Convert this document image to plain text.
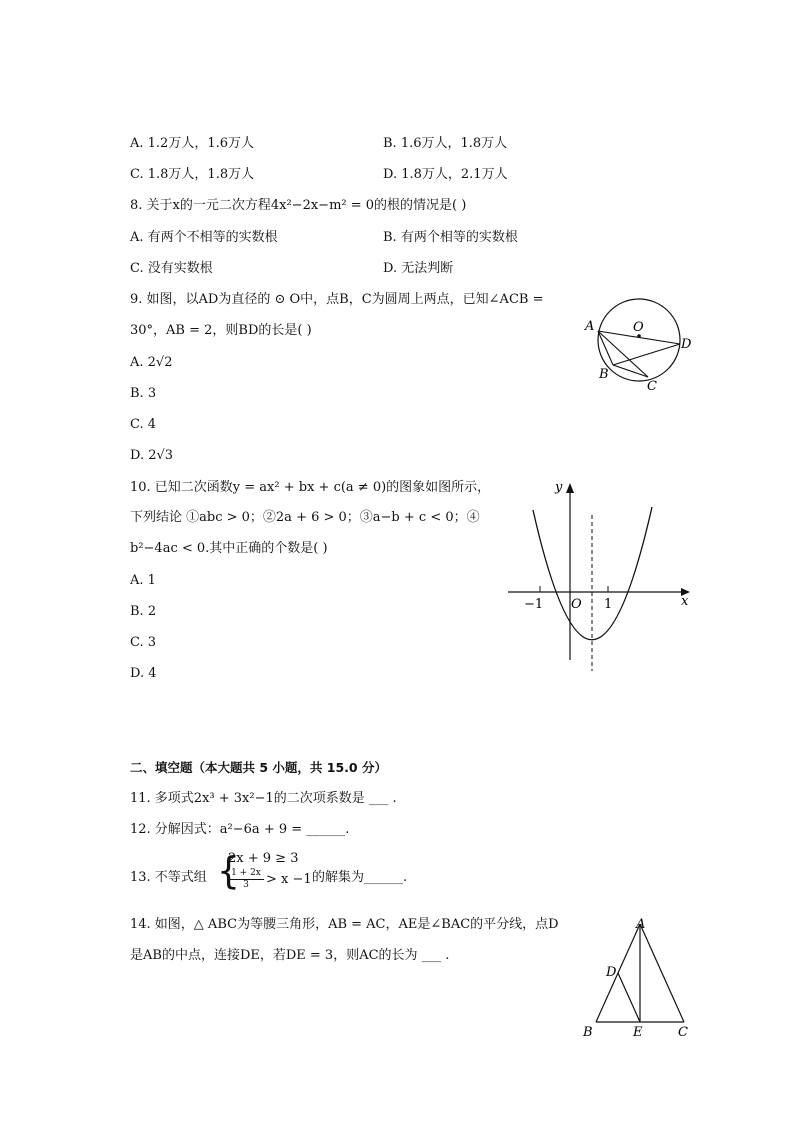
A. 1.2万人，1.6万人	B. 1.6万人，1.8万人
C. 1.8万人，1.8万人	D. 1.8万人，2.1万人
8. 关于x的一元二次方程4x²−2x−m² = 0的根的情况是( )
A. 有两个不相等的实数根	B. 有两个相等的实数根
C. 没有实数根	D. 无法判断
9. 如图，以AD为直径的 ⊙ O中，点B，C为圆周上两点，已知∠ACB =
30°，AB = 2，则BD的长是( )
A. 2√2
B. 3
C. 4
D. 2√3
A	O
D
B
C
10. 已知二次函数y = ax² + bx + c(a ≠ 0)的图象如图所示，
下列结论 ①abc > 0；②2a + 6 > 0；③a−b + c < 0；④
b²−4ac < 0.其中正确的个数是( )
A. 1
B. 2
C. 3
D. 4
y
x
O
−1	1
二、填空题（本大题共 5 小题，共 15.0 分）
11. 多项式2x³ + 3x²−1的二次项系数是 ___ .
12. 分解因式：a²−6a + 9 = ______.
13. 不等式组 {
2x + 9 ≥ 3
$\frac{1 + 2x}{3} > x -1$ 的解集为______.
14. 如图，△ ABC为等腰三角形，AB = AC，AE是∠BAC的平分线，点D
是AB的中点，连接DE，若DE = 3，则AC的长为 ___ .
A
D
B	E	C
